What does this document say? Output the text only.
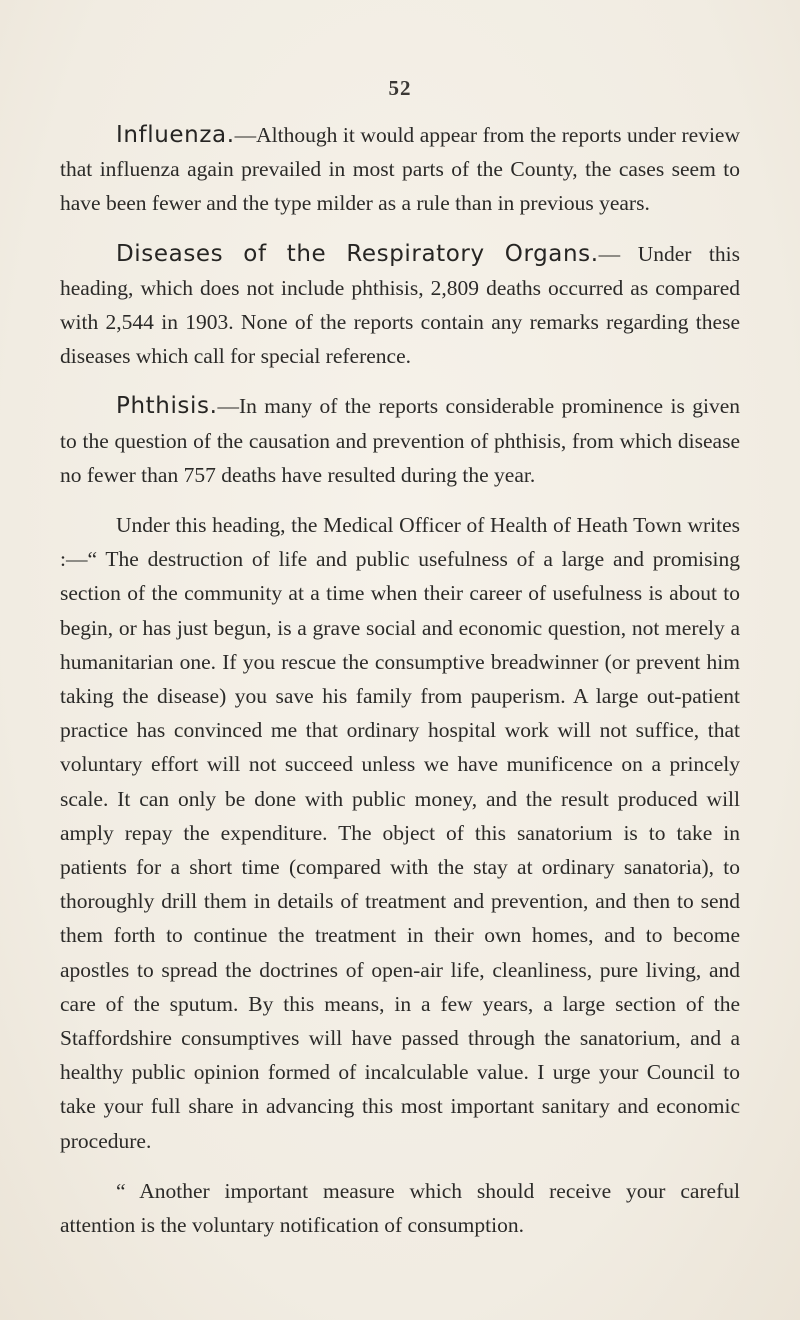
52

Influenza.—Although it would appear from the reports under review that influenza again prevailed in most parts of the County, the cases seem to have been fewer and the type milder as a rule than in previous years.

Diseases of the Respiratory Organs.— Under this heading, which does not include phthisis, 2,809 deaths occurred as compared with 2,544 in 1903. None of the reports contain any remarks regarding these diseases which call for special reference.

Phthisis.—In many of the reports considerable prominence is given to the question of the causation and prevention of phthisis, from which disease no fewer than 757 deaths have resulted during the year.

Under this heading, the Medical Officer of Health of Heath Town writes :—“ The destruction of life and public usefulness of a large and promising section of the community at a time when their career of usefulness is about to begin, or has just begun, is a grave social and economic question, not merely a humanitarian one. If you rescue the consumptive breadwinner (or prevent him taking the disease) you save his family from pauperism. A large out-patient practice has convinced me that ordinary hospital work will not suffice, that voluntary effort will not succeed unless we have munificence on a princely scale. It can only be done with public money, and the result produced will amply repay the expenditure. The object of this sanatorium is to take in patients for a short time (compared with the stay at ordinary sanatoria), to thoroughly drill them in details of treatment and prevention, and then to send them forth to continue the treatment in their own homes, and to become apostles to spread the doctrines of open-air life, cleanliness, pure living, and care of the sputum. By this means, in a few years, a large section of the Staffordshire consumptives will have passed through the sanatorium, and a healthy public opinion formed of incalculable value. I urge your Council to take your full share in advancing this most important sanitary and economic procedure.

“ Another important measure which should receive your careful attention is the voluntary notification of consumption.
